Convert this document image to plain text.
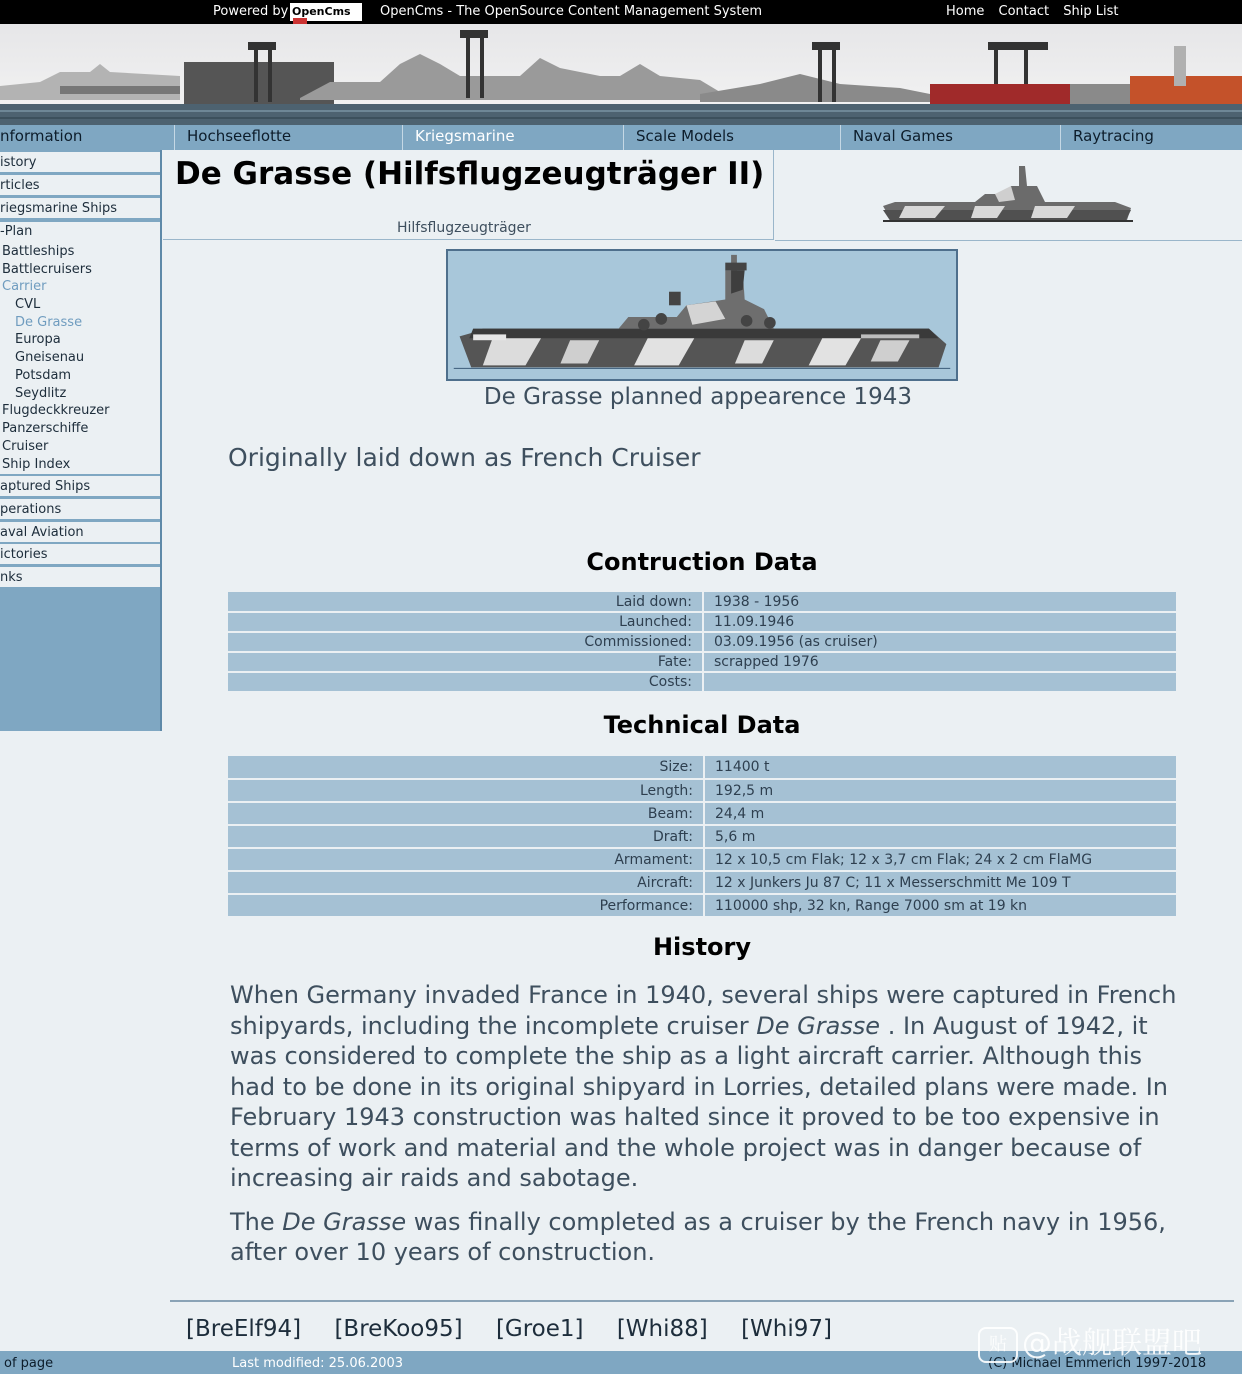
Powered by OpenCms	OpenCms - The OpenSource Content Management System	Home Contact Ship List
nformation	Hochseeflotte	Kriegsmarine	Scale Models	Naval Games	Raytracing
istory
rticles
riegsmarine Ships
-Plan
Battleships
Battlecruisers
Carrier
CVL
De Grasse
Europa
Gneisenau
Potsdam
Seydlitz
Flugdeckkreuzer
Panzerschiffe
Cruiser
Ship Index
aptured Ships
perations
aval Aviation
ictories
nks
De Grasse (Hilfsflugzeugträger II)
Hilfsflugzeugträger
De Grasse planned appearence 1943
Originally laid down as French Cruiser
Contruction Data
Laid down:	1938 - 1956
Launched:	11.09.1946
Commissioned:	03.09.1956 (as cruiser)
Fate:	scrapped 1976
Costs:	
Technical Data
Size:	11400 t
Length:	192,5 m
Beam:	24,4 m
Draft:	5,6 m
Armament:	12 x 10,5 cm Flak; 12 x 3,7 cm Flak; 24 x 2 cm FlaMG
Aircraft:	12 x Junkers Ju 87 C; 11 x Messerschmitt Me 109 T
Performance:	110000 shp, 32 kn, Range 7000 sm at 19 kn
History

When Germany invaded France in 1940, several ships were captured in French shipyards, including the incomplete cruiser De Grasse . In August of 1942, it was considered to complete the ship as a light aircraft carrier. Although this had to be done in its original shipyard in Lorries, detailed plans were made. In February 1943 construction was halted since it proved to be too expensive in terms of work and material and the whole project was in danger because of increasing air raids and sabotage.

The De Grasse was finally completed as a cruiser by the French navy in 1956, after over 10 years of construction.

[BreElf94] [BreKoo95] [Groe1] [Whi88] [Whi97]
of page	Last modified: 25.06.2003	(C) Michael Emmerich 1997-2018
贴 @战舰联盟吧
